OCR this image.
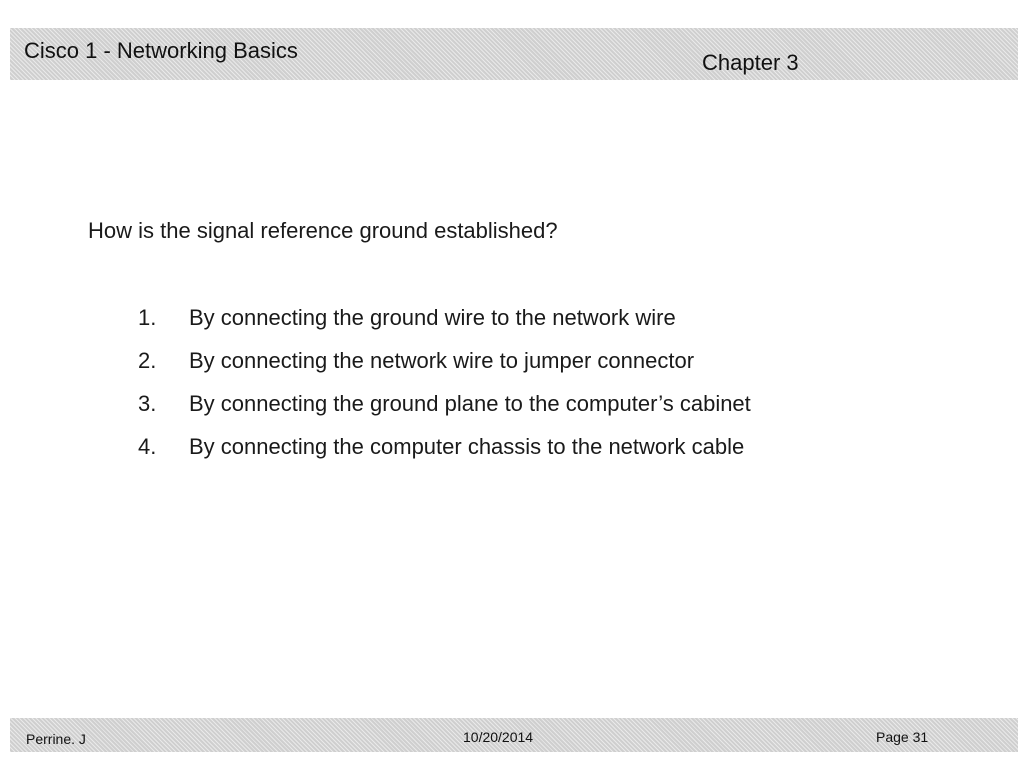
Cisco 1 - Networking Basics	Chapter 3
How is the signal reference ground established?
1.	By connecting the ground wire to the network wire
2.	By connecting the network wire to jumper connector
3.	By connecting the ground plane to the computer’s cabinet
4.	By connecting the computer chassis to the network cable
Perrine. J	10/20/2014	Page 31
